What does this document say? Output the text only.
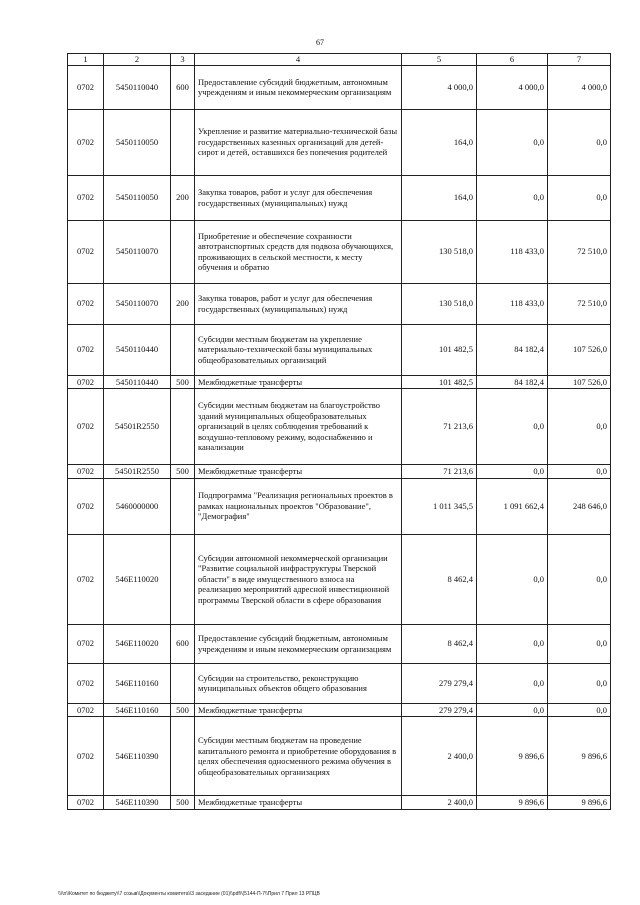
67
1	2	3	4	5	6	7
0702	5450110040	600	Предоставление субсидий бюджетным, автономным учреждениям и иным некоммерческим организациям	4 000,0	4 000,0	4 000,0
0702	5450110050		Укрепление и развитие материально-технической базы государственных казенных организаций для детей-сирот и детей, оставшихся без попечения родителей	164,0	0,0	0,0
0702	5450110050	200	Закупка товаров, работ и услуг для обеспечения государственных (муниципальных) нужд	164,0	0,0	0,0
0702	5450110070		Приобретение и обеспечение сохранности автотранспортных средств для подвоза обучающихся, проживающих в сельской местности, к месту обучения и обратно	130 518,0	118 433,0	72 510,0
0702	5450110070	200	Закупка товаров, работ и услуг для обеспечения государственных (муниципальных) нужд	130 518,0	118 433,0	72 510,0
0702	5450110440		Субсидии местным бюджетам на укрепление материально-технической базы муниципальных общеобразовательных организаций	101 482,5	84 182,4	107 526,0
0702	5450110440	500	Межбюджетные трансферты	101 482,5	84 182,4	107 526,0
0702	54501R2550		Субсидии местным бюджетам на благоустройство зданий муниципальных общеобразовательных организаций в целях соблюдения требований к воздушно-тепловому режиму, водоснабжению и канализации	71 213,6	0,0	0,0
0702	54501R2550	500	Межбюджетные трансферты	71 213,6	0,0	0,0
0702	5460000000		Подпрограмма "Реализация региональных проектов в рамках национальных проектов "Образование", "Демография"	1 011 345,5	1 091 662,4	248 646,0
0702	546E110020		Субсидии автономной некоммерческой организации "Развитие социальной инфраструктуры Тверской области" в виде имущественного взноса на реализацию мероприятий адресной инвестиционной программы Тверской области в сфере образования	8 462,4	0,0	0,0
0702	546E110020	600	Предоставление субсидий бюджетным, автономным учреждениям и иным некоммерческим организациям	8 462,4	0,0	0,0
0702	546E110160		Субсидии на строительство, реконструкцию муниципальных объектов общего образования	279 279,4	0,0	0,0
0702	546E110160	500	Межбюджетные трансферты	279 279,4	0,0	0,0
0702	546E110390		Субсидии местным бюджетам на проведение капитального ремонта и приобретение оборудования в целях обеспечения односменного режима обучения в общеобразовательных организациях	2 400,0	9 896,6	9 896,6
0702	546E110390	500	Межбюджетные трансферты	2 400,0	9 896,6	9 896,6
\\\\n\\Комитет по бюджету\\7 созыв\\Документы комитета\\3 заседание (01)\\pdf\\(5144-П-7\\Прил 7 Прил 13 РПЦВ
